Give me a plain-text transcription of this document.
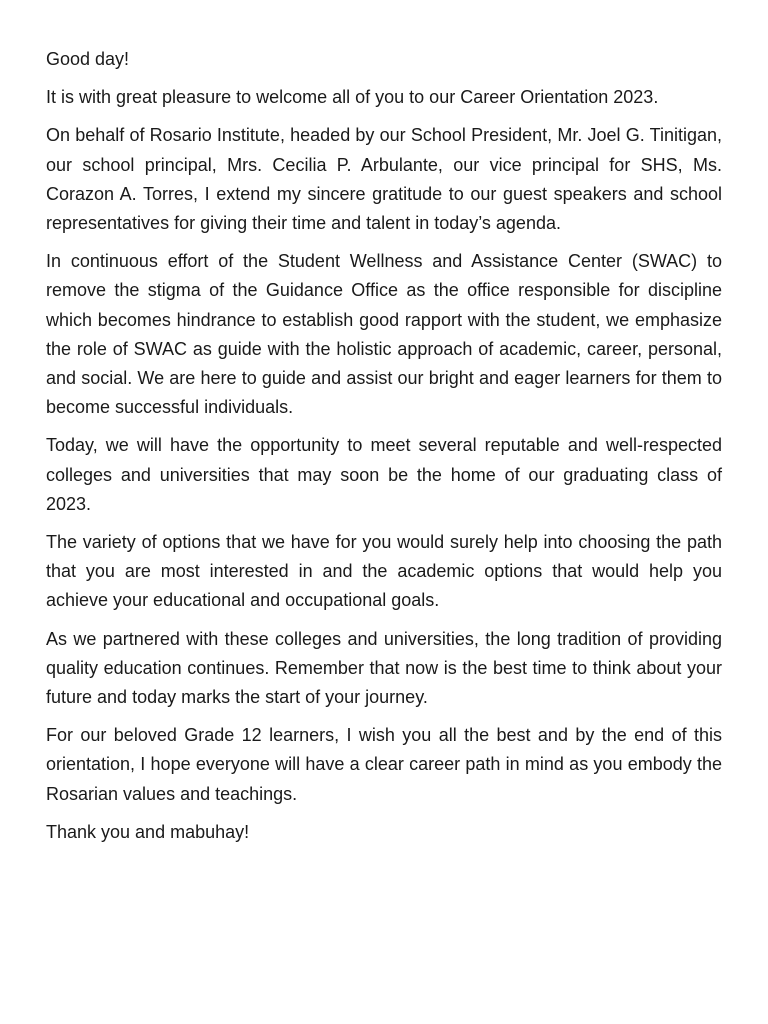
Good day!

It is with great pleasure to welcome all of you to our Career Orientation 2023.

On behalf of Rosario Institute, headed by our School President, Mr. Joel G. Tinitigan, our school principal, Mrs. Cecilia P. Arbulante, our vice principal for SHS, Ms. Corazon A. Torres, I extend my sincere gratitude to our guest speakers and school representatives for giving their time and talent in today’s agenda.

In continuous effort of the Student Wellness and Assistance Center (SWAC) to remove the stigma of the Guidance Office as the office responsible for discipline which becomes hindrance to establish good rapport with the student, we emphasize the role of SWAC as guide with the holistic approach of academic, career, personal, and social. We are here to guide and assist our bright and eager learners for them to become successful individuals.

Today, we will have the opportunity to meet several reputable and well-respected colleges and universities that may soon be the home of our graduating class of 2023.

The variety of options that we have for you would surely help into choosing the path that you are most interested in and the academic options that would help you achieve your educational and occupational goals.

As we partnered with these colleges and universities, the long tradition of providing quality education continues. Remember that now is the best time to think about your future and today marks the start of your journey.

For our beloved Grade 12 learners, I wish you all the best and by the end of this orientation, I hope everyone will have a clear career path in mind as you embody the Rosarian values and teachings.

Thank you and mabuhay!
